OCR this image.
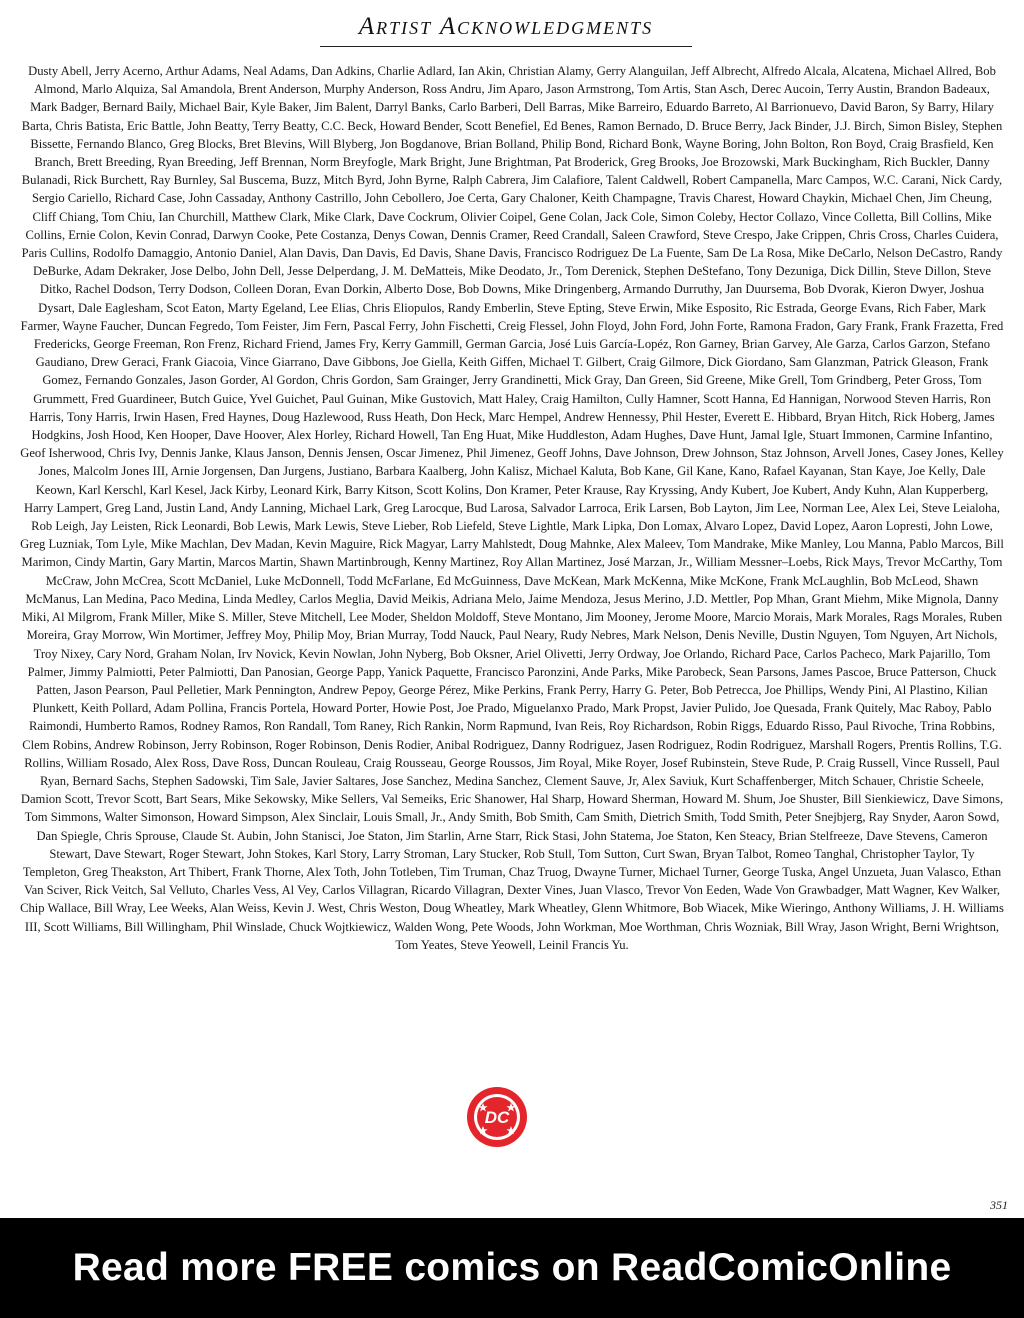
Artist Acknowledgments
Dusty Abell, Jerry Acerno, Arthur Adams, Neal Adams, Dan Adkins, Charlie Adlard, Ian Akin, Christian Alamy, Gerry Alanguilan, Jeff Albrecht, Alfredo Alcala, Alcatena, Michael Allred, Bob Almond, Marlo Alquiza, Sal Amandola, Brent Anderson, Murphy Anderson, Ross Andru, Jim Aparo, Jason Armstrong, Tom Artis, Stan Asch, Derec Aucoin, Terry Austin, Brandon Badeaux, Mark Badger, Bernard Baily, Michael Bair, Kyle Baker, Jim Balent, Darryl Banks, Carlo Barberi, Dell Barras, Mike Barreiro, Eduardo Barreto, Al Barrionuevo, David Baron, Sy Barry, Hilary Barta, Chris Batista, Eric Battle, John Beatty, Terry Beatty, C.C. Beck, Howard Bender, Scott Benefiel, Ed Benes, Ramon Bernado, D. Bruce Berry, Jack Binder, J.J. Birch, Simon Bisley, Stephen Bissette, Fernando Blanco, Greg Blocks, Bret Blevins, Will Blyberg, Jon Bogdanove, Brian Bolland, Philip Bond, Richard Bonk, Wayne Boring, John Bolton, Ron Boyd, Craig Brasfield, Ken Branch, Brett Breeding, Ryan Breeding, Jeff Brennan, Norm Breyfogle, Mark Bright, June Brightman, Pat Broderick, Greg Brooks, Joe Brozowski, Mark Buckingham, Rich Buckler, Danny Bulanadi, Rick Burchett, Ray Burnley, Sal Buscema, Buzz, Mitch Byrd, John Byrne, Ralph Cabrera, Jim Calafiore, Talent Caldwell, Robert Campanella, Marc Campos, W.C. Carani, Nick Cardy, Sergio Cariello, Richard Case, John Cassaday, Anthony Castrillo, John Cebollero, Joe Certa, Gary Chaloner, Keith Champagne, Travis Charest, Howard Chaykin, Michael Chen, Jim Cheung, Cliff Chiang, Tom Chiu, Ian Churchill, Matthew Clark, Mike Clark, Dave Cockrum, Olivier Coipel, Gene Colan, Jack Cole, Simon Coleby, Hector Collazo, Vince Colletta, Bill Collins, Mike Collins, Ernie Colon, Kevin Conrad, Darwyn Cooke, Pete Costanza, Denys Cowan, Dennis Cramer, Reed Crandall, Saleen Crawford, Steve Crespo, Jake Crippen, Chris Cross, Charles Cuidera, Paris Cullins, Rodolfo Damaggio, Antonio Daniel, Alan Davis, Dan Davis, Ed Davis, Shane Davis, Francisco Rodriguez De La Fuente, Sam De La Rosa, Mike DeCarlo, Nelson DeCastro, Randy DeBurke, Adam Dekraker, Jose Delbo, John Dell, Jesse Delperdang, J. M. DeMatteis, Mike Deodato, Jr., Tom Derenick, Stephen DeStefano, Tony Dezuniga, Dick Dillin, Steve Dillon, Steve Ditko, Rachel Dodson, Terry Dodson, Colleen Doran, Evan Dorkin, Alberto Dose, Bob Downs, Mike Dringenberg, Armando Durruthy, Jan Duursema, Bob Dvorak, Kieron Dwyer, Joshua Dysart, Dale Eaglesham, Scot Eaton, Marty Egeland, Lee Elias, Chris Eliopulos, Randy Emberlin, Steve Epting, Steve Erwin, Mike Esposito, Ric Estrada, George Evans, Rich Faber, Mark Farmer, Wayne Faucher, Duncan Fegredo, Tom Feister, Jim Fern, Pascal Ferry, John Fischetti, Creig Flessel, John Floyd, John Ford, John Forte, Ramona Fradon, Gary Frank, Frank Frazetta, Fred Fredericks, George Freeman, Ron Frenz, Richard Friend, James Fry, Kerry Gammill, German Garcia, José Luis García-Lopéz, Ron Garney, Brian Garvey, Ale Garza, Carlos Garzon, Stefano Gaudiano, Drew Geraci, Frank Giacoia, Vince Giarrano, Dave Gibbons, Joe Giella, Keith Giffen, Michael T. Gilbert, Craig Gilmore, Dick Giordano, Sam Glanzman, Patrick Gleason, Frank Gomez, Fernando Gonzales, Jason Gorder, Al Gordon, Chris Gordon, Sam Grainger, Jerry Grandinetti, Mick Gray, Dan Green, Sid Greene, Mike Grell, Tom Grindberg, Peter Gross, Tom Grummett, Fred Guardineer, Butch Guice, Yvel Guichet, Paul Guinan, Mike Gustovich, Matt Haley, Craig Hamilton, Cully Hamner, Scott Hanna, Ed Hannigan, Norwood Steven Harris, Ron Harris, Tony Harris, Irwin Hasen, Fred Haynes, Doug Hazlewood, Russ Heath, Don Heck, Marc Hempel, Andrew Hennessy, Phil Hester, Everett E. Hibbard, Bryan Hitch, Rick Hoberg, James Hodgkins, Josh Hood, Ken Hooper, Dave Hoover, Alex Horley, Richard Howell, Tan Eng Huat, Mike Huddleston, Adam Hughes, Dave Hunt, Jamal Igle, Stuart Immonen, Carmine Infantino, Geof Isherwood, Chris Ivy, Dennis Janke, Klaus Janson, Dennis Jensen, Oscar Jimenez, Phil Jimenez, Geoff Johns, Dave Johnson, Drew Johnson, Staz Johnson, Arvell Jones, Casey Jones, Kelley Jones, Malcolm Jones III, Arnie Jorgensen, Dan Jurgens, Justiano, Barbara Kaalberg, John Kalisz, Michael Kaluta, Bob Kane, Gil Kane, Kano, Rafael Kayanan, Stan Kaye, Joe Kelly, Dale Keown, Karl Kerschl, Karl Kesel, Jack Kirby, Leonard Kirk, Barry Kitson, Scott Kolins, Don Kramer, Peter Krause, Ray Kryssing, Andy Kubert, Joe Kubert, Andy Kuhn, Alan Kupperberg, Harry Lampert, Greg Land, Justin Land, Andy Lanning, Michael Lark, Greg Larocque, Bud Larosa, Salvador Larroca, Erik Larsen, Bob Layton, Jim Lee, Norman Lee, Alex Lei, Steve Leialoha, Rob Leigh, Jay Leisten, Rick Leonardi, Bob Lewis, Mark Lewis, Steve Lieber, Rob Liefeld, Steve Lightle, Mark Lipka, Don Lomax, Alvaro Lopez, David Lopez, Aaron Lopresti, John Lowe, Greg Luzniak, Tom Lyle, Mike Machlan, Dev Madan, Kevin Maguire, Rick Magyar, Larry Mahlstedt, Doug Mahnke, Alex Maleev, Tom Mandrake, Mike Manley, Lou Manna, Pablo Marcos, Bill Marimon, Cindy Martin, Gary Martin, Marcos Martin, Shawn Martinbrough, Kenny Martinez, Roy Allan Martinez, José Marzan, Jr., William Messner–Loebs, Rick Mays, Trevor McCarthy, Tom McCraw, John McCrea, Scott McDaniel, Luke McDonnell, Todd McFarlane, Ed McGuinness, Dave McKean, Mark McKenna, Mike McKone, Frank McLaughlin, Bob McLeod, Shawn McManus, Lan Medina, Paco Medina, Linda Medley, Carlos Meglia, David Meikis, Adriana Melo, Jaime Mendoza, Jesus Merino, J.D. Mettler, Pop Mhan, Grant Miehm, Mike Mignola, Danny Miki, Al Milgrom, Frank Miller, Mike S. Miller, Steve Mitchell, Lee Moder, Sheldon Moldoff, Steve Montano, Jim Mooney, Jerome Moore, Marcio Morais, Mark Morales, Rags Morales, Ruben Moreira, Gray Morrow, Win Mortimer, Jeffrey Moy, Philip Moy, Brian Murray, Todd Nauck, Paul Neary, Rudy Nebres, Mark Nelson, Denis Neville, Dustin Nguyen, Tom Nguyen, Art Nichols, Troy Nixey, Cary Nord, Graham Nolan, Irv Novick, Kevin Nowlan, John Nyberg, Bob Oksner, Ariel Olivetti, Jerry Ordway, Joe Orlando, Richard Pace, Carlos Pacheco, Mark Pajarillo, Tom Palmer, Jimmy Palmiotti, Peter Palmiotti, Dan Panosian, George Papp, Yanick Paquette, Francisco Paronzini, Ande Parks, Mike Parobeck, Sean Parsons, James Pascoe, Bruce Patterson, Chuck Patten, Jason Pearson, Paul Pelletier, Mark Pennington, Andrew Pepoy, George Pérez, Mike Perkins, Frank Perry, Harry G. Peter, Bob Petrecca, Joe Phillips, Wendy Pini, Al Plastino, Kilian Plunkett, Keith Pollard, Adam Pollina, Francis Portela, Howard Porter, Howie Post, Joe Prado, Miguelanxo Prado, Mark Propst, Javier Pulido, Joe Quesada, Frank Quitely, Mac Raboy, Pablo Raimondi, Humberto Ramos, Rodney Ramos, Ron Randall, Tom Raney, Rich Rankin, Norm Rapmund, Ivan Reis, Roy Richardson, Robin Riggs, Eduardo Risso, Paul Rivoche, Trina Robbins, Clem Robins, Andrew Robinson, Jerry Robinson, Roger Robinson, Denis Rodier, Anibal Rodriguez, Danny Rodriguez, Jasen Rodriguez, Rodin Rodriguez, Marshall Rogers, Prentis Rollins, T.G. Rollins, William Rosado, Alex Ross, Dave Ross, Duncan Rouleau, Craig Rousseau, George Roussos, Jim Royal, Mike Royer, Josef Rubinstein, Steve Rude, P. Craig Russell, Vince Russell, Paul Ryan, Bernard Sachs, Stephen Sadowski, Tim Sale, Javier Saltares, Jose Sanchez, Medina Sanchez, Clement Sauve, Jr, Alex Saviuk, Kurt Schaffenberger, Mitch Schauer, Christie Scheele, Damion Scott, Trevor Scott, Bart Sears, Mike Sekowsky, Mike Sellers, Val Semeiks, Eric Shanower, Hal Sharp, Howard Sherman, Howard M. Shum, Joe Shuster, Bill Sienkiewicz, Dave Simons, Tom Simmons, Walter Simonson, Howard Simpson, Alex Sinclair, Louis Small, Jr., Andy Smith, Bob Smith, Cam Smith, Dietrich Smith, Todd Smith, Peter Snejbjerg, Ray Snyder, Aaron Sowd, Dan Spiegle, Chris Sprouse, Claude St. Aubin, John Stanisci, Joe Staton, Jim Starlin, Arne Starr, Rick Stasi, John Statema, Joe Staton, Ken Steacy, Brian Stelfreeze, Dave Stevens, Cameron Stewart, Dave Stewart, Roger Stewart, John Stokes, Karl Story, Larry Stroman, Lary Stucker, Rob Stull, Tom Sutton, Curt Swan, Bryan Talbot, Romeo Tanghal, Christopher Taylor, Ty Templeton, Greg Theakston, Art Thibert, Frank Thorne, Alex Toth, John Totleben, Tim Truman, Chaz Truog, Dwayne Turner, Michael Turner, George Tuska, Angel Unzueta, Juan Valasco, Ethan Van Sciver, Rick Veitch, Sal Velluto, Charles Vess, Al Vey, Carlos Villagran, Ricardo Villagran, Dexter Vines, Juan Vlasco, Trevor Von Eeden, Wade Von Grawbadger, Matt Wagner, Kev Walker, Chip Wallace, Bill Wray, Lee Weeks, Alan Weiss, Kevin J. West, Chris Weston, Doug Wheatley, Mark Wheatley, Glenn Whitmore, Bob Wiacek, Mike Wieringo, Anthony Williams, J. H. Williams III, Scott Williams, Bill Willingham, Phil Winslade, Chuck Wojtkiewicz, Walden Wong, Pete Woods, John Workman, Moe Worthman, Chris Wozniak, Bill Wray, Jason Wright, Berni Wrightson, Tom Yeates, Steve Yeowell, Leinil Francis Yu.
DC
351
Read more FREE comics on ReadComicOnline
